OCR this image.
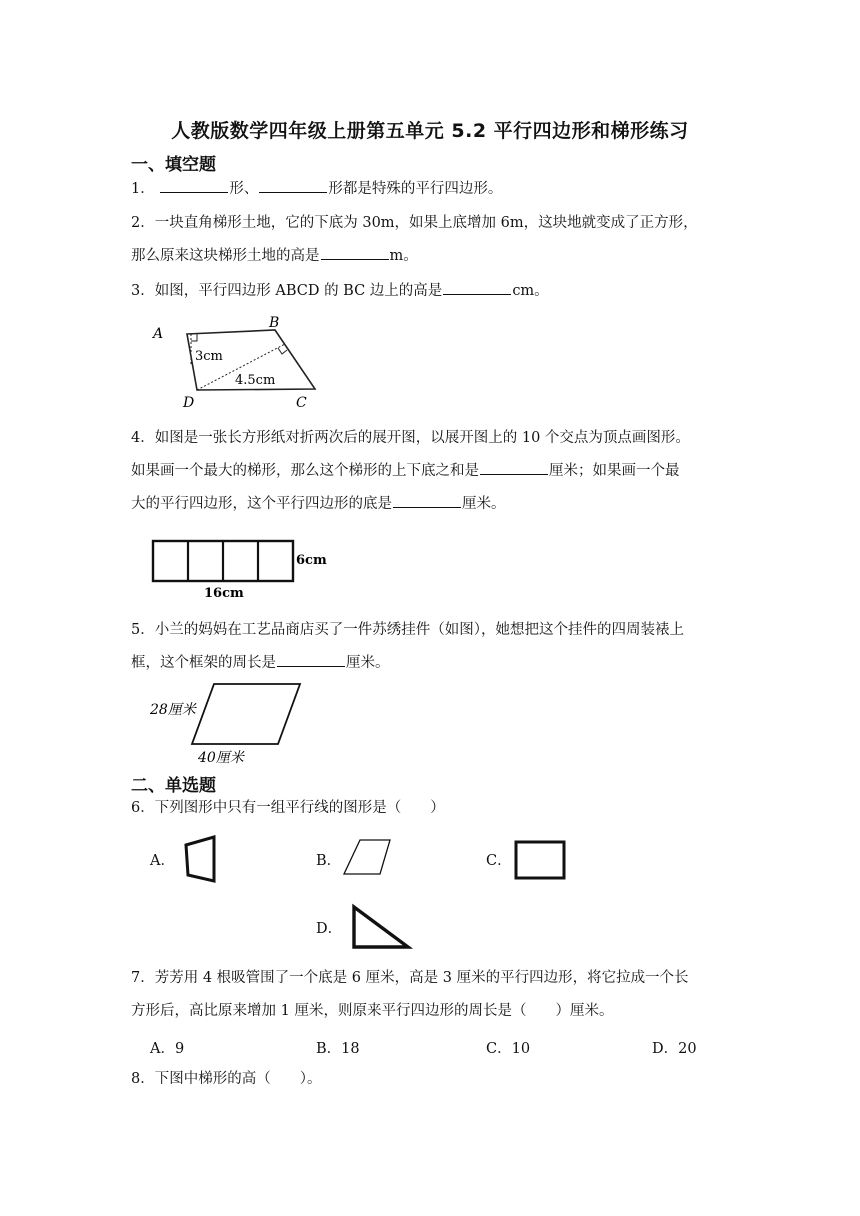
人教版数学四年级上册第五单元 5.2 平行四边形和梯形练习
一、填空题
1．	形、	形都是特殊的平行四边形。
2．一块直角梯形土地，它的下底为 30m，如果上底增加 6m，这块地就变成了正方形，
那么原来这块梯形土地的高是	m。
3．如图，平行四边形 ABCD 的 BC 边上的高是	cm。
A
B
C
D
3cm
4.5cm
4．如图是一张长方形纸对折两次后的展开图，以展开图上的 10 个交点为顶点画图形。
如果画一个最大的梯形，那么这个梯形的上下底之和是	厘米；如果画一个最
大的平行四边形，这个平行四边形的底是	厘米。
6cm
16cm
5．小兰的妈妈在工艺品商店买了一件苏绣挂件（如图），她想把这个挂件的四周装裱上
框，这个框架的周长是	厘米。
28厘米
40厘米
二、单选题
6．下列图形中只有一组平行线的图形是（　　）
A．	B．	C．
D．
7．芳芳用 4 根吸管围了一个底是 6 厘米，高是 3 厘米的平行四边形，将它拉成一个长
方形后，高比原来增加 1 厘米，则原来平行四边形的周长是（　　）厘米。
A．9	B．18	C．10	D．20
8．下图中梯形的高（　　）。
